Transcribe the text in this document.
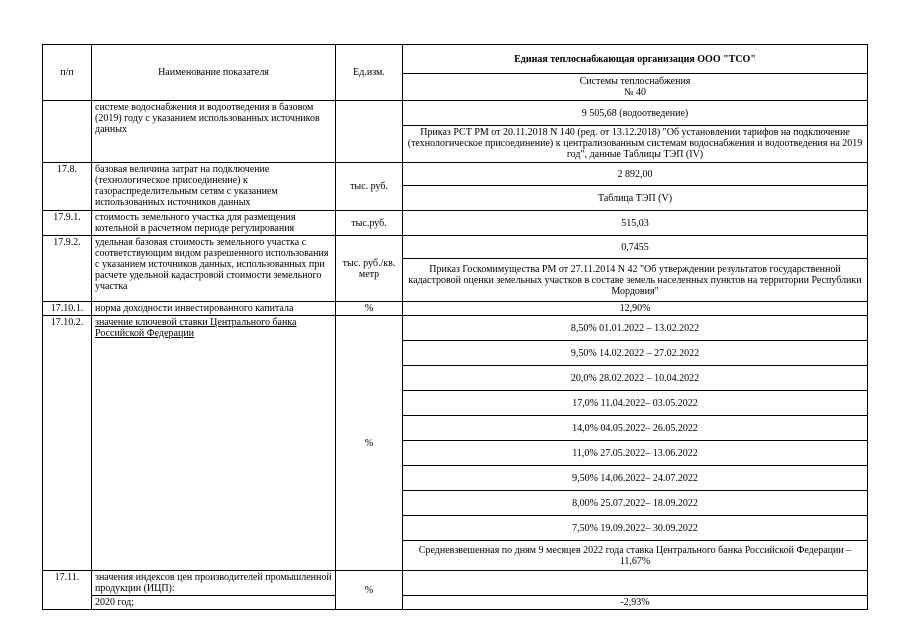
п/п	Наименование показателя	Ед.изм.	Единая теплоснабжающая организация ООО "ТСО"
			Системы теплоснабжения
№ 40
	системе водоснабжения и водоотведения в базовом (2019) году с указанием использованных источников данных		9 505,68 (водоотведение)
			Приказ РСТ РМ от 20.11.2018 N 140 (ред. от 13.12.2018) "Об установлении тарифов на подключение (технологическое присоединение) к централизованным системам водоснабжения и водоотведения на 2019 год", данные Таблицы ТЭП (IV)
17.8.	базовая величина затрат на подключение (технологическое присоединение) к газораспределительным сетям с указанием использованных источников данных	тыс. руб.	2 892,00
			Таблица ТЭП (V)
17.9.1.	стоимость земельного участка для размещения котельной в расчетном периоде регулирования	тыс.руб.	515,03
17.9.2.	удельная базовая стоимость земельного участка с соответствующим видом разрешенного использования с указанием источников данных, использованных при расчете удельной кадастровой стоимости земельного участка	тыс. руб./кв. метр	0,7455
			Приказ Госкомимущества РМ от 27.11.2014 N 42 "Об утверждении результатов государственной кадастровой оценки земельных участков в составе земель населенных пунктов на территории Республики Мордовия"
17.10.1.	норма доходности инвестированного капитала	%	12,90%
17.10.2.	значение ключевой ставки Центрального банка Российской Федерации	%	8,50% 01.01.2022 – 13.02.2022
			9,50% 14.02.2022 – 27.02.2022
			20,0% 28.02.2022 – 10.04.2022
			17,0% 11.04.2022– 03.05.2022
			14,0% 04.05.2022– 26.05.2022
			11,0% 27.05.2022– 13.06.2022
			9,50% 14.06.2022– 24.07.2022
			8,00% 25.07.2022– 18.09.2022
			7,50% 19.09.2022– 30.09.2022
			Средневзвешенная по дням 9 месяцев 2022 года ставка Центрального банка Российской Федерации – 11,67%
17.11.	значения индексов цен производителей промышленной продукции (ИЦП):	%	
	2020 год;		-2,93%
